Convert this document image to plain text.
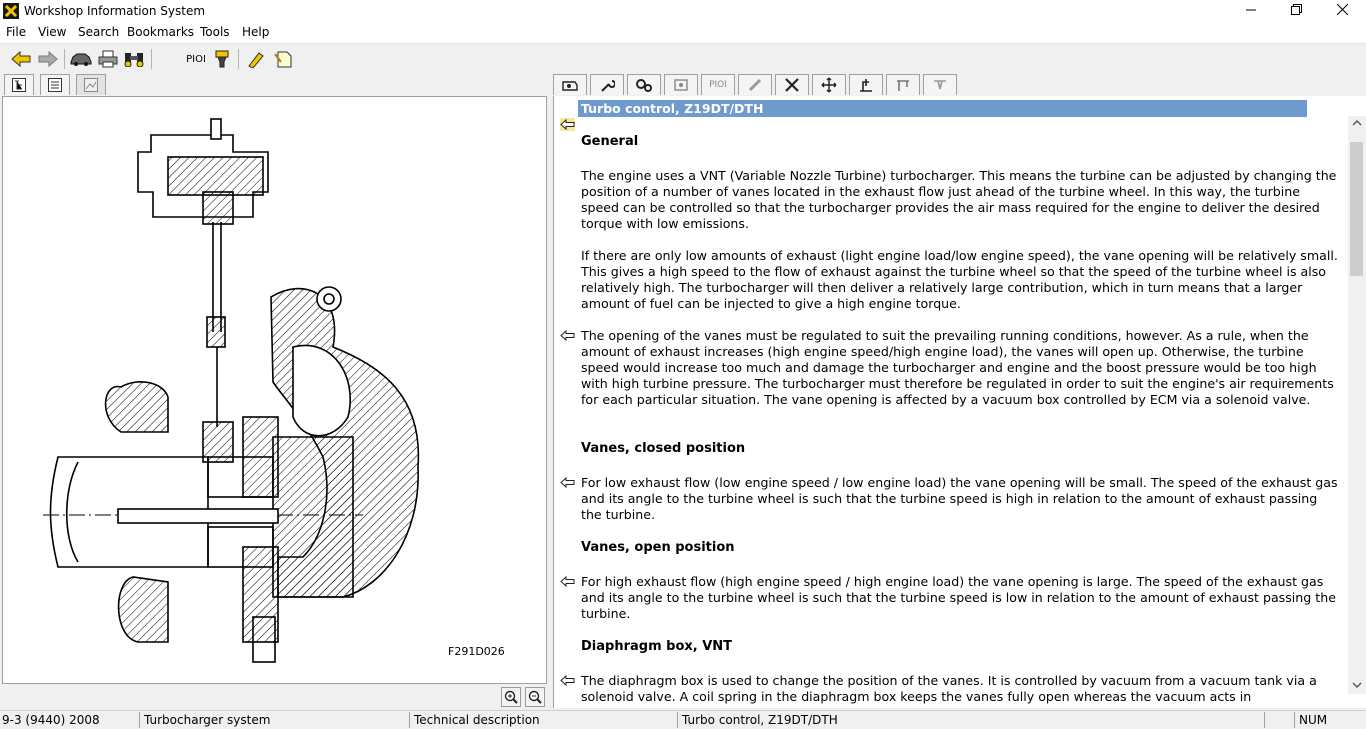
Workshop Information System
File View Search Bookmarks Tools Help
PIOI
PIOI
F291D026
Turbo control, Z19DT/DTH
General
The engine uses a VNT (Variable Nozzle Turbine) turbocharger. This means the turbine can be adjusted by changing the position of a number of vanes located in the exhaust flow just ahead of the turbine wheel. In this way, the turbine speed can be controlled so that the turbocharger provides the air mass required for the engine to deliver the desired torque with low emissions.
If there are only low amounts of exhaust (light engine load/low engine speed), the vane opening will be relatively small. This gives a high speed to the flow of exhaust against the turbine wheel so that the speed of the turbine wheel is also relatively high. The turbocharger will then deliver a relatively large contribution, which in turn means that a larger amount of fuel can be injected to give a high engine torque.
The opening of the vanes must be regulated to suit the prevailing running conditions, however. As a rule, when the amount of exhaust increases (high engine speed/high engine load), the vanes will open up. Otherwise, the turbine speed would increase too much and damage the turbocharger and engine and the boost pressure would be too high with high turbine pressure. The turbocharger must therefore be regulated in order to suit the engine's air requirements for each particular situation. The vane opening is affected by a vacuum box controlled by ECM via a solenoid valve.
Vanes, closed position
For low exhaust flow (low engine speed / low engine load) the vane opening will be small. The speed of the exhaust gas and its angle to the turbine wheel is such that the turbine speed is high in relation to the amount of exhaust passing the turbine.
Vanes, open position
For high exhaust flow (high engine speed / high engine load) the vane opening is large. The speed of the exhaust gas and its angle to the turbine wheel is such that the turbine speed is low in relation to the amount of exhaust passing the turbine.
Diaphragm box, VNT
The diaphragm box is used to change the position of the vanes. It is controlled by vacuum from a vacuum tank via a solenoid valve. A coil spring in the diaphragm box keeps the vanes fully open whereas the vacuum acts in
9-3 (9440) 2008	Turbocharger system	Technical description	Turbo control, Z19DT/DTH	NUM
